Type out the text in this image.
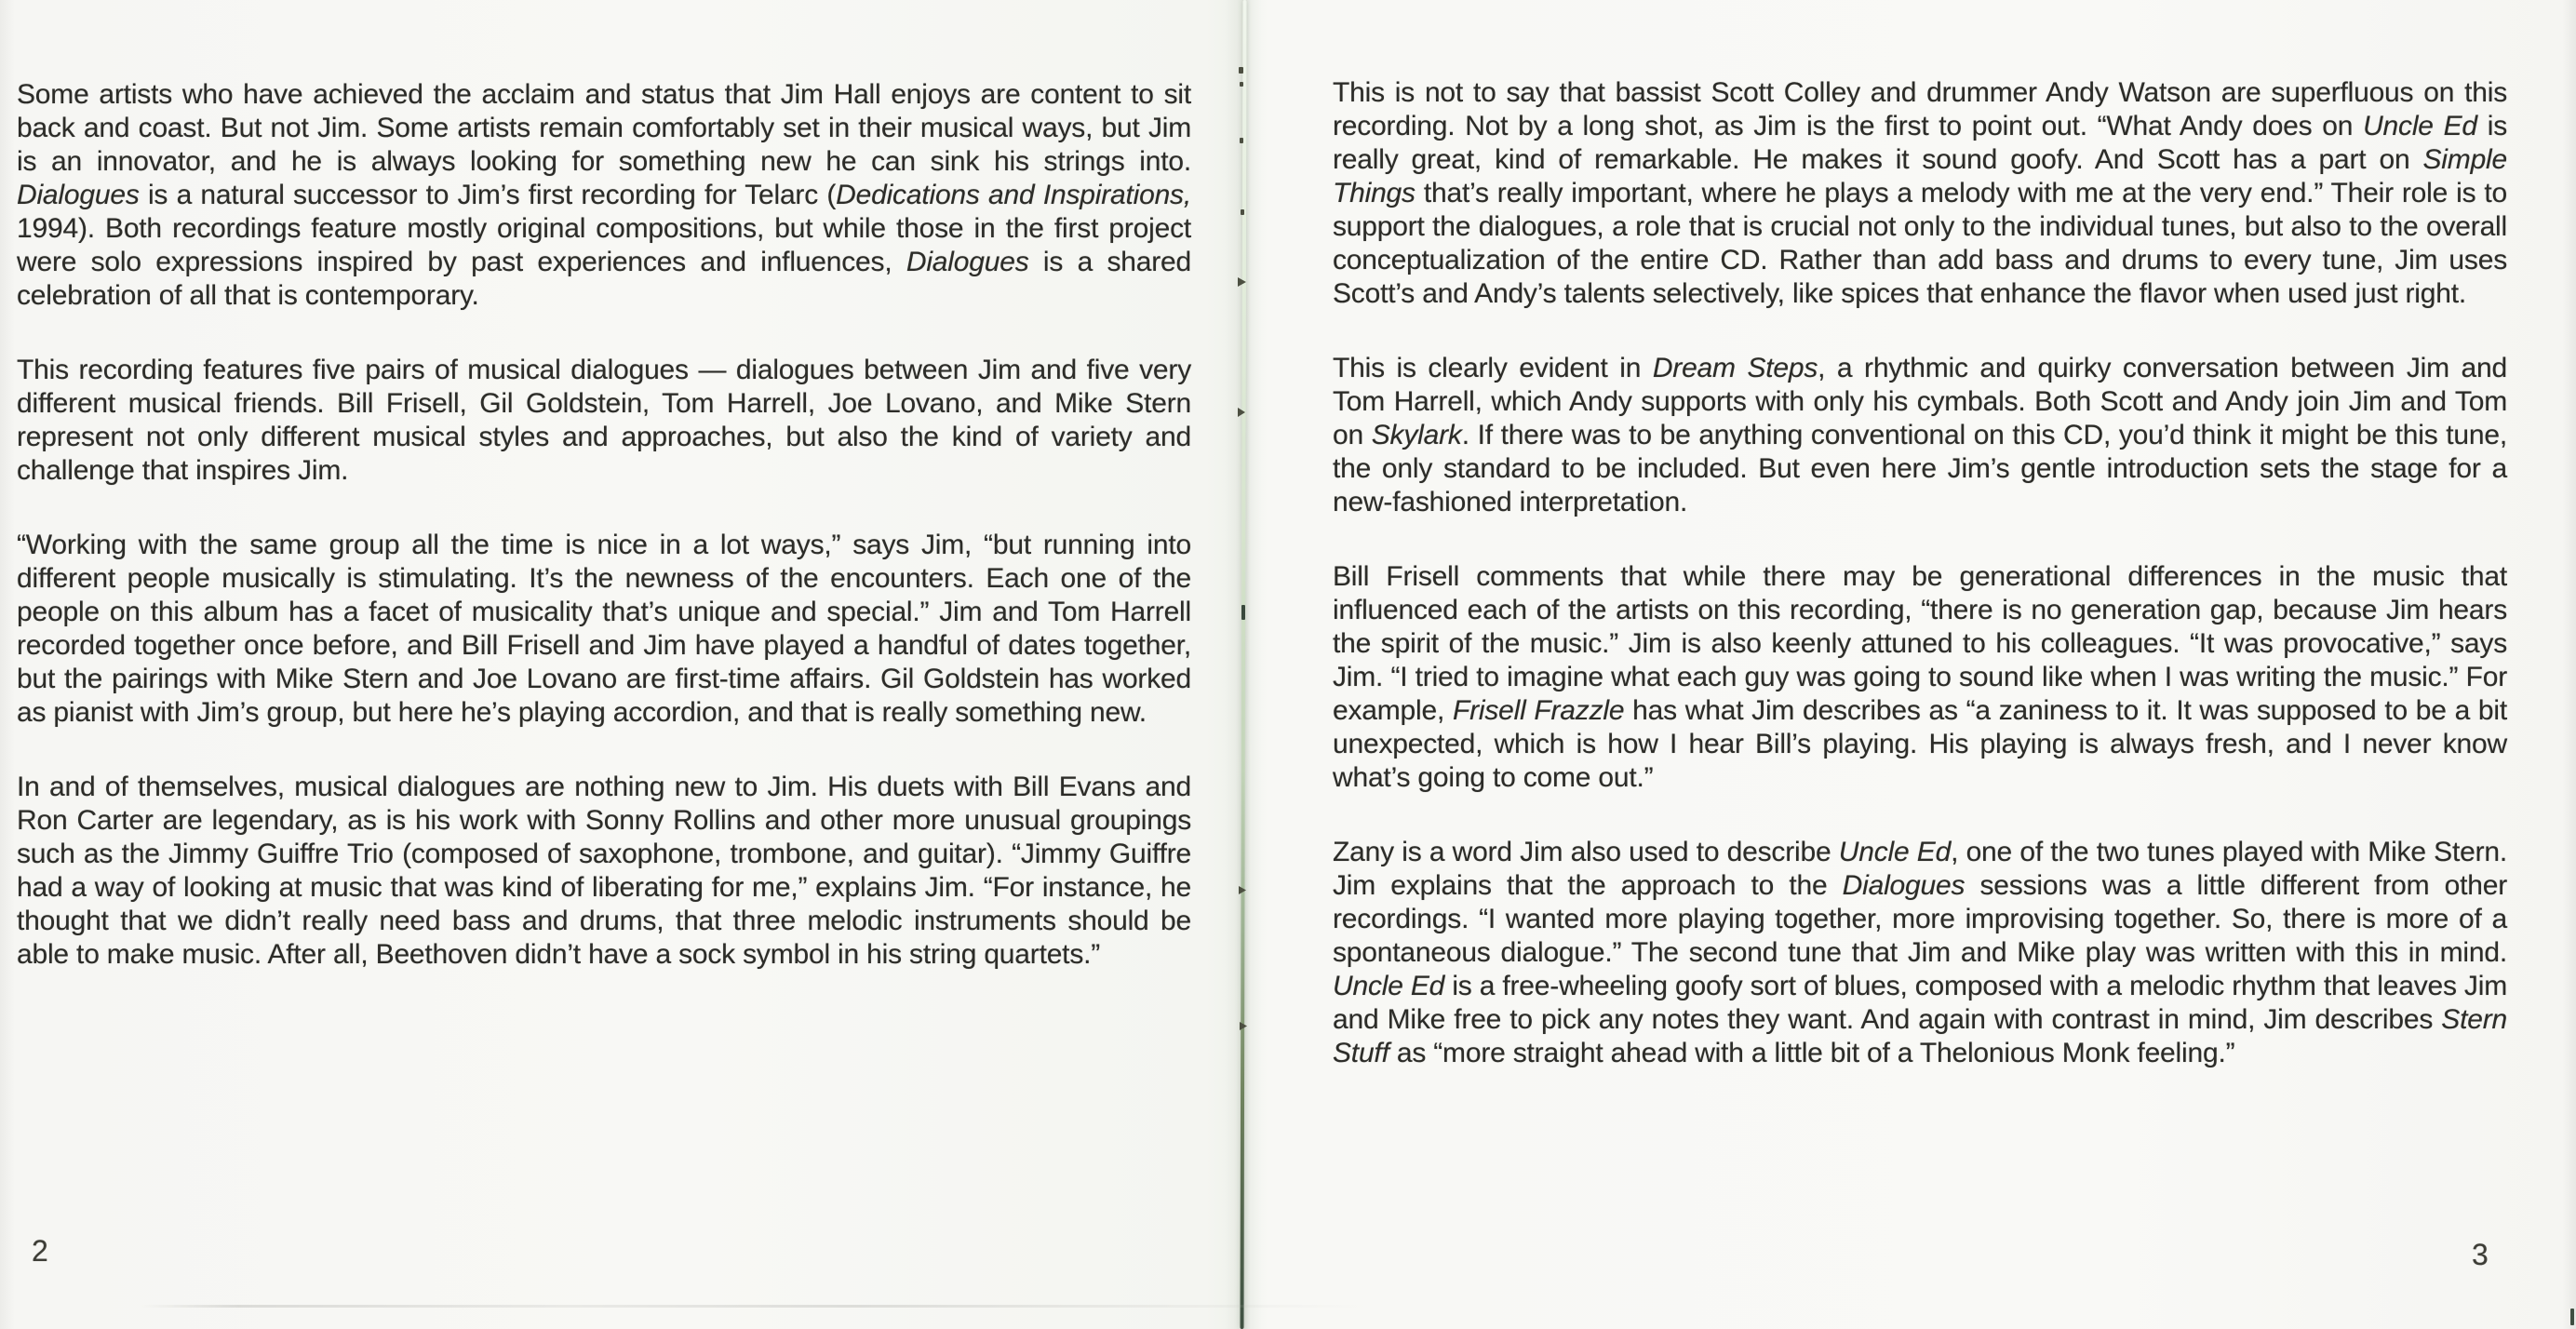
Some artists who have achieved the acclaim and status that Jim Hall enjoys are content to sit back and coast. But not Jim. Some artists remain comfortably set in their musical ways, but Jim is an innovator, and he is always looking for something new he can sink his strings into. Dialogues is a natural successor to Jim’s first recording for Telarc (Dedications and Inspirations, 1994). Both recordings feature mostly original compositions, but while those in the first project were solo expressions inspired by past experiences and influences, Dialogues is a shared celebration of all that is contemporary.

This recording features five pairs of musical dialogues — dialogues between Jim and five very different musical friends. Bill Frisell, Gil Goldstein, Tom Harrell, Joe Lovano, and Mike Stern represent not only different musical styles and approaches, but also the kind of variety and challenge that inspires Jim.

“Working with the same group all the time is nice in a lot ways,” says Jim, “but running into different people musically is stimulating. It’s the newness of the encounters. Each one of the people on this album has a facet of musicality that’s unique and special.” Jim and Tom Harrell recorded together once before, and Bill Frisell and Jim have played a handful of dates together, but the pairings with Mike Stern and Joe Lovano are first-time affairs. Gil Goldstein has worked as pianist with Jim’s group, but here he’s playing accordion, and that is really something new.

In and of themselves, musical dialogues are nothing new to Jim. His duets with Bill Evans and Ron Carter are legendary, as is his work with Sonny Rollins and other more unusual groupings such as the Jimmy Guiffre Trio (composed of saxophone, trombone, and guitar). “Jimmy Guiffre had a way of looking at music that was kind of liberating for me,” explains Jim. “For instance, he thought that we didn’t really need bass and drums, that three melodic instruments should be able to make music. After all, Beethoven didn’t have a sock symbol in his string quartets.”

2

This is not to say that bassist Scott Colley and drummer Andy Watson are superfluous on this recording. Not by a long shot, as Jim is the first to point out. “What Andy does on Uncle Ed is really great, kind of remarkable. He makes it sound goofy. And Scott has a part on Simple Things that’s really important, where he plays a melody with me at the very end.” Their role is to support the dialogues, a role that is crucial not only to the individual tunes, but also to the overall conceptualization of the entire CD. Rather than add bass and drums to every tune, Jim uses Scott’s and Andy’s talents selectively, like spices that enhance the flavor when used just right.

This is clearly evident in Dream Steps, a rhythmic and quirky conversation between Jim and Tom Harrell, which Andy supports with only his cymbals. Both Scott and Andy join Jim and Tom on Skylark. If there was to be anything conventional on this CD, you’d think it might be this tune, the only standard to be included. But even here Jim’s gentle introduction sets the stage for a new-fashioned interpretation.

Bill Frisell comments that while there may be generational differences in the music that influenced each of the artists on this recording, “there is no generation gap, because Jim hears the spirit of the music.” Jim is also keenly attuned to his colleagues. “It was provocative,” says Jim. “I tried to imagine what each guy was going to sound like when I was writing the music.” For example, Frisell Frazzle has what Jim describes as “a zaniness to it. It was supposed to be a bit unexpected, which is how I hear Bill’s playing. His playing is always fresh, and I never know what’s going to come out.”

Zany is a word Jim also used to describe Uncle Ed, one of the two tunes played with Mike Stern. Jim explains that the approach to the Dialogues sessions was a little different from other recordings. “I wanted more playing together, more improvising together. So, there is more of a spontaneous dialogue.” The second tune that Jim and Mike play was written with this in mind. Uncle Ed is a free-wheeling goofy sort of blues, composed with a melodic rhythm that leaves Jim and Mike free to pick any notes they want. And again with contrast in mind, Jim describes Stern Stuff as “more straight ahead with a little bit of a Thelonious Monk feeling.”

3
